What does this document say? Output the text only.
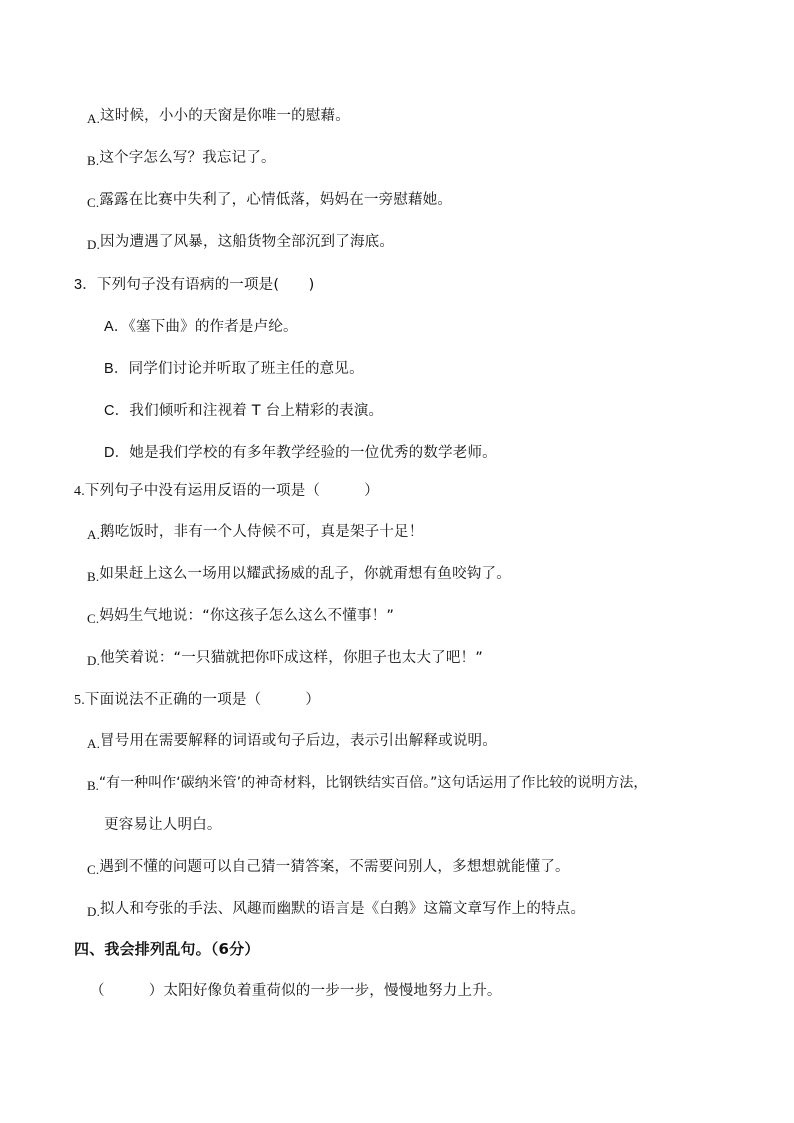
A.这时候，小小的天窗是你唯一的慰藉。
B.这个字怎么写？我忘记了。
C.露露在比赛中失利了，心情低落，妈妈在一旁慰藉她。
D.因为遭遇了风暴，这船货物全部沉到了海底。
3．下列句子没有语病的一项是(　　)
A．《塞下曲》的作者是卢纶。
B．同学们讨论并听取了班主任的意见。
C．我们倾听和注视着 T 台上精彩的表演。
D．她是我们学校的有多年教学经验的一位优秀的数学老师。
4.下列句子中没有运用反语的一项是（　　　）
A.鹅吃饭时，非有一个人侍候不可，真是架子十足！
B.如果赶上这么一场用以耀武扬威的乱子，你就甭想有鱼咬钩了。
C.妈妈生气地说：“你这孩子怎么这么不懂事！”
D.他笑着说：“一只猫就把你吓成这样，你胆子也太大了吧！”
5.下面说法不正确的一项是（　　　）
A.冒号用在需要解释的词语或句子后边，表示引出解释或说明。
B.“有一种叫作‘碳纳米管’的神奇材料，比钢铁结实百倍。”这句话运用了作比较的说明方法，
更容易让人明白。
C.遇到不懂的问题可以自己猜一猜答案，不需要问别人，多想想就能懂了。
D.拟人和夸张的手法、风趣而幽默的语言是《白鹅》这篇文章写作上的特点。
四、我会排列乱句。（6分）
（　　　）太阳好像负着重荷似的一步一步，慢慢地努力上升。
